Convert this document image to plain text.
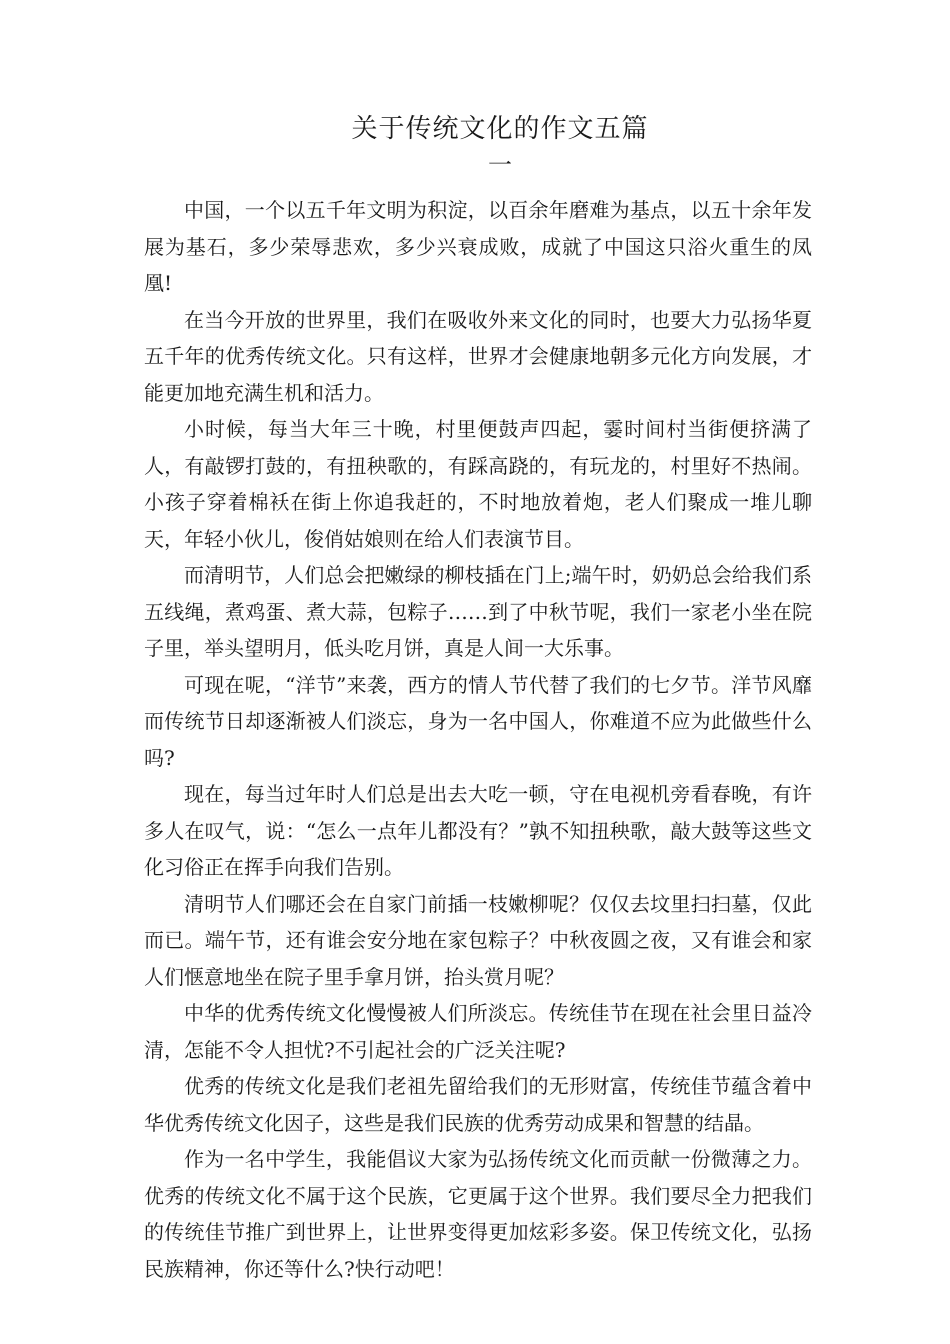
关于传统文化的作文五篇
一

中国，一个以五千年文明为积淀，以百余年磨难为基点，以五十余年发展为基石，多少荣辱悲欢，多少兴衰成败，成就了中国这只浴火重生的凤凰!

在当今开放的世界里，我们在吸收外来文化的同时，也要大力弘扬华夏五千年的优秀传统文化。只有这样，世界才会健康地朝多元化方向发展，才能更加地充满生机和活力。

小时候，每当大年三十晚，村里便鼓声四起，霎时间村当街便挤满了人，有敲锣打鼓的，有扭秧歌的，有踩高跷的，有玩龙的，村里好不热闹。小孩子穿着棉袄在街上你追我赶的，不时地放着炮，老人们聚成一堆儿聊天，年轻小伙儿，俊俏姑娘则在给人们表演节目。

而清明节，人们总会把嫩绿的柳枝插在门上;端午时，奶奶总会给我们系五线绳，煮鸡蛋、煮大蒜，包粽子……到了中秋节呢，我们一家老小坐在院子里，举头望明月，低头吃月饼，真是人间一大乐事。

可现在呢，“洋节”来袭，西方的情人节代替了我们的七夕节。洋节风靡而传统节日却逐渐被人们淡忘，身为一名中国人，你难道不应为此做些什么吗?

现在，每当过年时人们总是出去大吃一顿，守在电视机旁看春晚，有许多人在叹气，说：“怎么一点年儿都没有？”孰不知扭秧歌，敲大鼓等这些文化习俗正在挥手向我们告别。

清明节人们哪还会在自家门前插一枝嫩柳呢？仅仅去坟里扫扫墓，仅此而已。端午节，还有谁会安分地在家包粽子？中秋夜圆之夜，又有谁会和家人们惬意地坐在院子里手拿月饼，抬头赏月呢？

中华的优秀传统文化慢慢被人们所淡忘。传统佳节在现在社会里日益冷清，怎能不令人担忧?不引起社会的广泛关注呢?

优秀的传统文化是我们老祖先留给我们的无形财富，传统佳节蕴含着中华优秀传统文化因子，这些是我们民族的优秀劳动成果和智慧的结晶。

作为一名中学生，我能倡议大家为弘扬传统文化而贡献一份微薄之力。优秀的传统文化不属于这个民族，它更属于这个世界。我们要尽全力把我们的传统佳节推广到世界上，让世界变得更加炫彩多姿。保卫传统文化，弘扬民族精神，你还等什么?快行动吧！
